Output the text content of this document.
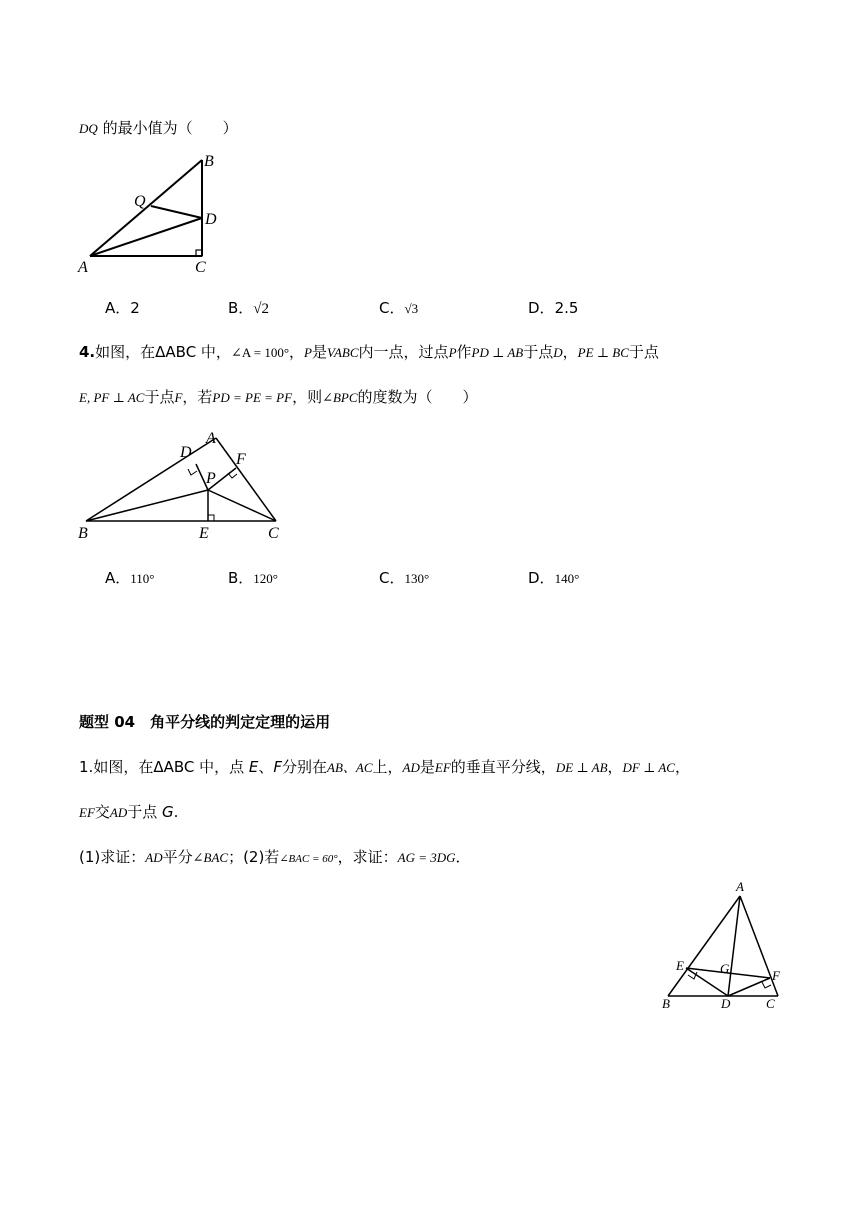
DQ 的最小值为（　　）
B
Q
D
A	C
A．2	B．√2	C．√3	D．2.5
4.如图，在ΔABC 中，∠A = 100°，P是VABC内一点，过点P作PD ⊥ AB于点D，PE ⊥ BC于点
E, PF ⊥ AC于点F，若PD = PE = PF，则∠BPC的度数为（　　）
A
D	F
P
B	E	C
A．110°	B．120°	C．130°	D．140°
题型 04　角平分线的判定定理的运用
1.如图，在ΔABC 中，点 E、F分别在AB、AC上，AD是EF的垂直平分线，DE ⊥ AB，DF ⊥ AC，
EF交AD于点 G.
(1)求证：AD平分∠BAC；(2)若∠BAC = 60°，求证：AG = 3DG．
A
E	G	F
B	D	C
